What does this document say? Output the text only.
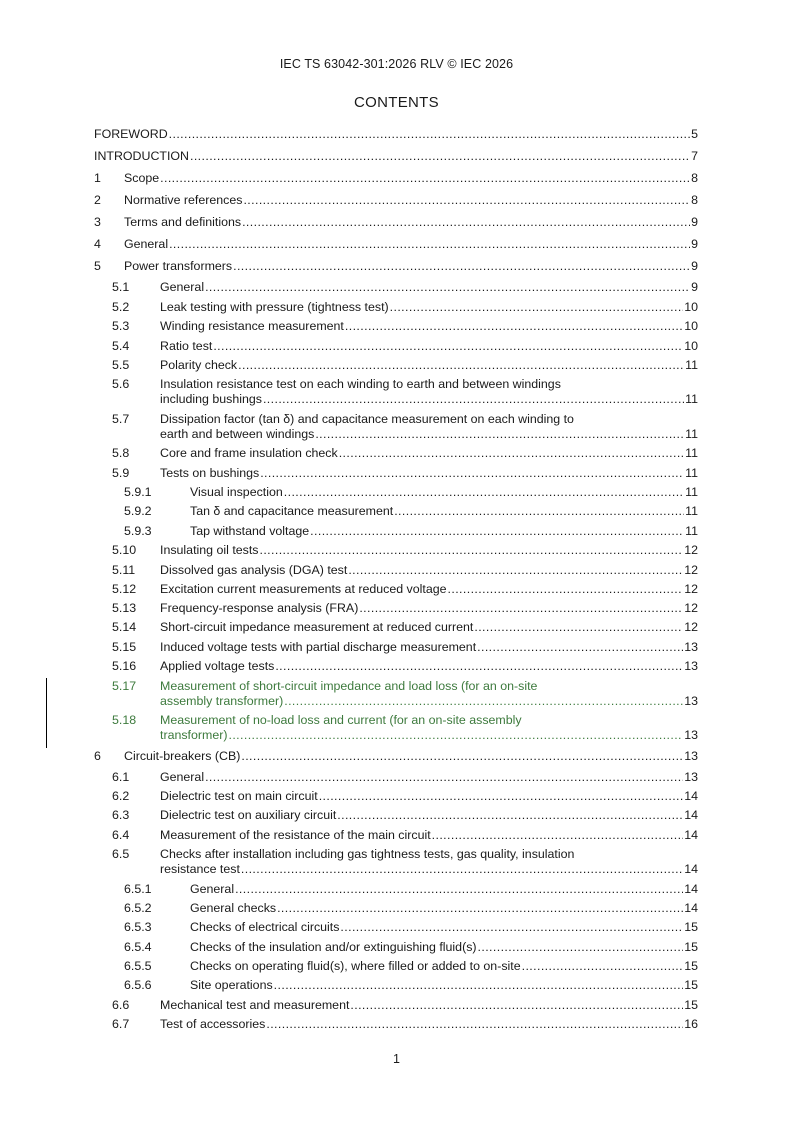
IEC TS 63042-301:2026 RLV © IEC 2026
CONTENTS
FOREWORD .....	5
INTRODUCTION .....	7
1	Scope .....	8
2	Normative references .....	8
3	Terms and definitions .....	9
4	General .....	9
5	Power transformers .....	9
5.1	General .....	9
5.2	Leak testing with pressure (tightness test) .....	10
5.3	Winding resistance measurement .....	10
5.4	Ratio test .....	10
5.5	Polarity check .....	11
5.6 Insulation resistance test on each winding to earth and between windings
including bushings .....	11
5.7 Dissipation factor (tan δ) and capacitance measurement on each winding to
earth and between windings .....	11
5.8	Core and frame insulation check .....	11
5.9	Tests on bushings .....	11
5.9.1	Visual inspection .....	11
5.9.2	Tan δ and capacitance measurement .....	11
5.9.3	Tap withstand voltage .....	11
5.10	Insulating oil tests .....	12
5.11	Dissolved gas analysis (DGA) test .....	12
5.12	Excitation current measurements at reduced voltage .....	12
5.13	Frequency-response analysis (FRA) .....	12
5.14	Short-circuit impedance measurement at reduced current .....	12
5.15	Induced voltage tests with partial discharge measurement .....	13
5.16	Applied voltage tests .....	13
5.17 Measurement of short-circuit impedance and load loss (for an on-site
assembly transformer) .....	13
5.18 Measurement of no-load loss and current (for an on-site assembly
transformer) .....	13
6	Circuit-breakers (CB) .....	13
6.1	General .....	13
6.2	Dielectric test on main circuit .....	14
6.3	Dielectric test on auxiliary circuit .....	14
6.4	Measurement of the resistance of the main circuit .....	14
6.5 Checks after installation including gas tightness tests, gas quality, insulation
resistance test .....	14
6.5.1	General .....	14
6.5.2	General checks .....	14
6.5.3	Checks of electrical circuits .....	15
6.5.4	Checks of the insulation and/or extinguishing fluid(s) .....	15
6.5.5	Checks on operating fluid(s), where filled or added to on-site .....	15
6.5.6	Site operations .....	15
6.6	Mechanical test and measurement .....	15
6.7	Test of accessories .....	16
1
